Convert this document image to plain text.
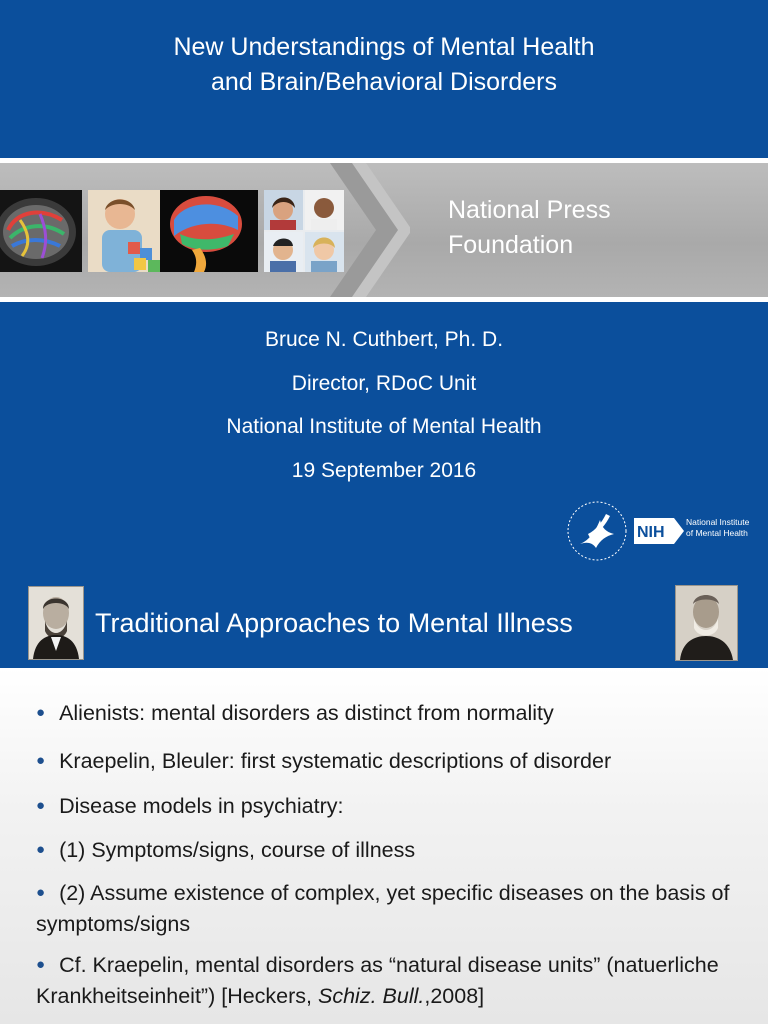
New Understandings of Mental Health
and Brain/Behavioral Disorders
National Press
Foundation
Bruce N. Cuthbert, Ph. D.
Director, RDoC Unit
National Institute of Mental Health
19 September 2016
NIH
National Institute
of Mental Health
Traditional Approaches to Mental Illness
● Alienists: mental disorders as distinct from normality
● Kraepelin, Bleuler: first systematic descriptions of disorder
● Disease models in psychiatry:
● (1) Symptoms/signs, course of illness
● (2) Assume existence of complex, yet specific diseases on the basis of symptoms/signs
● Cf. Kraepelin, mental disorders as “natural disease units” (natuerliche Krankheitseinheit”) [Heckers, Schiz. Bull.,2008]
